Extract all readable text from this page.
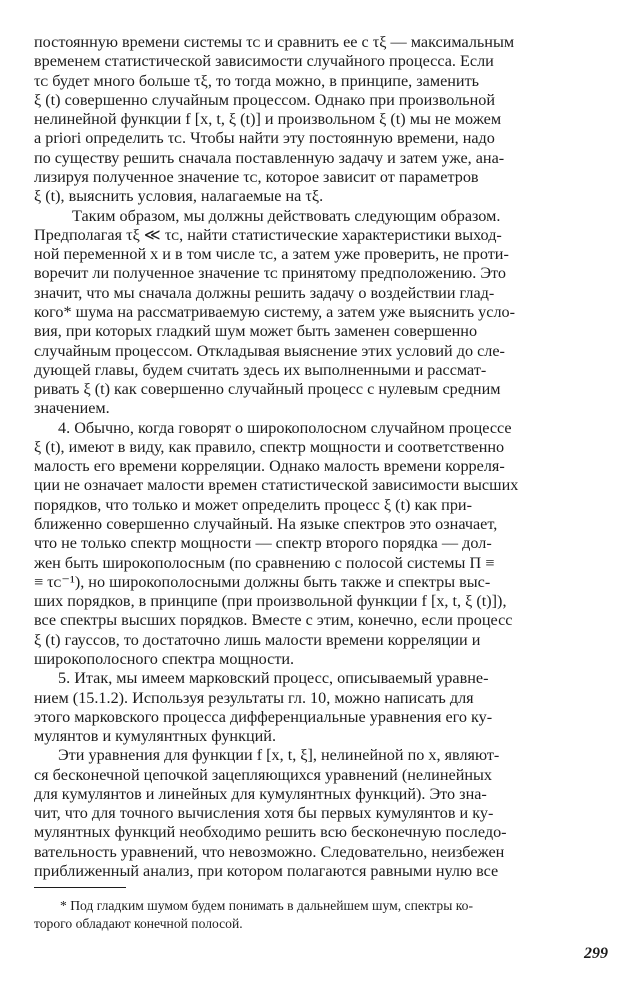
постоянную времени системы τᴄ и сравнить ее с τξ — максимальным
временем статистической зависимости случайного процесса. Если
τᴄ будет много больше τξ, то тогда можно, в принципе, заменить
ξ (t) совершенно случайным процессом. Однако при произвольной
нелинейной функции f [x, t, ξ (t)] и произвольном ξ (t) мы не можем
a priori определить τᴄ. Чтобы найти эту постоянную времени, надо
по существу решить сначала поставленную задачу и затем уже, ана-
лизируя полученное значение τᴄ, которое зависит от параметров
ξ (t), выяснить условия, налагаемые на τξ.
Таким образом, мы должны действовать следующим образом.
Предполагая τξ ≪ τᴄ, найти статистические характеристики выход-
ной переменной x и в том числе τᴄ, а затем уже проверить, не проти-
воречит ли полученное значение τᴄ принятому предположению. Это
значит, что мы сначала должны решить задачу о воздействии глад-
кого* шума на рассматриваемую систему, а затем уже выяснить усло-
вия, при которых гладкий шум может быть заменен совершенно
случайным процессом. Откладывая выяснение этих условий до сле-
дующей главы, будем считать здесь их выполненными и рассмат-
ривать ξ (t) как совершенно случайный процесс с нулевым средним
значением.
4. Обычно, когда говорят о широкополосном случайном процессе
ξ (t), имеют в виду, как правило, спектр мощности и соответственно
малость его времени корреляции. Однако малость времени корреля-
ции не означает малости времен статистической зависимости высших
порядков, что только и может определить процесс ξ (t) как при-
ближенно совершенно случайный. На языке спектров это означает,
что не только спектр мощности — спектр второго порядка — дол-
жен быть широкополосным (по сравнению с полосой системы Π ≡
≡ τᴄ⁻¹), но широкополосными должны быть также и спектры выс-
ших порядков, в принципе (при произвольной функции f [x, t, ξ (t)]),
все спектры высших порядков. Вместе с этим, конечно, если процесс
ξ (t) гауссов, то достаточно лишь малости времени корреляции и
широкополосного спектра мощности.
5. Итак, мы имеем марковский процесс, описываемый уравне-
нием (15.1.2). Используя результаты гл. 10, можно написать для
этого марковского процесса дифференциальные уравнения его ку-
мулянтов и кумулянтных функций.
Эти уравнения для функции f [x, t, ξ], нелинейной по x, являют-
ся бесконечной цепочкой зацепляющихся уравнений (нелинейных
для кумулянтов и линейных для кумулянтных функций). Это зна-
чит, что для точного вычисления хотя бы первых кумулянтов и ку-
мулянтных функций необходимо решить всю бесконечную последо-
вательность уравнений, что невозможно. Следовательно, неизбежен
приближенный анализ, при котором полагаются равными нулю все
* Под гладким шумом будем понимать в дальнейшем шум, спектры ко-
торого обладают конечной полосой.
299
